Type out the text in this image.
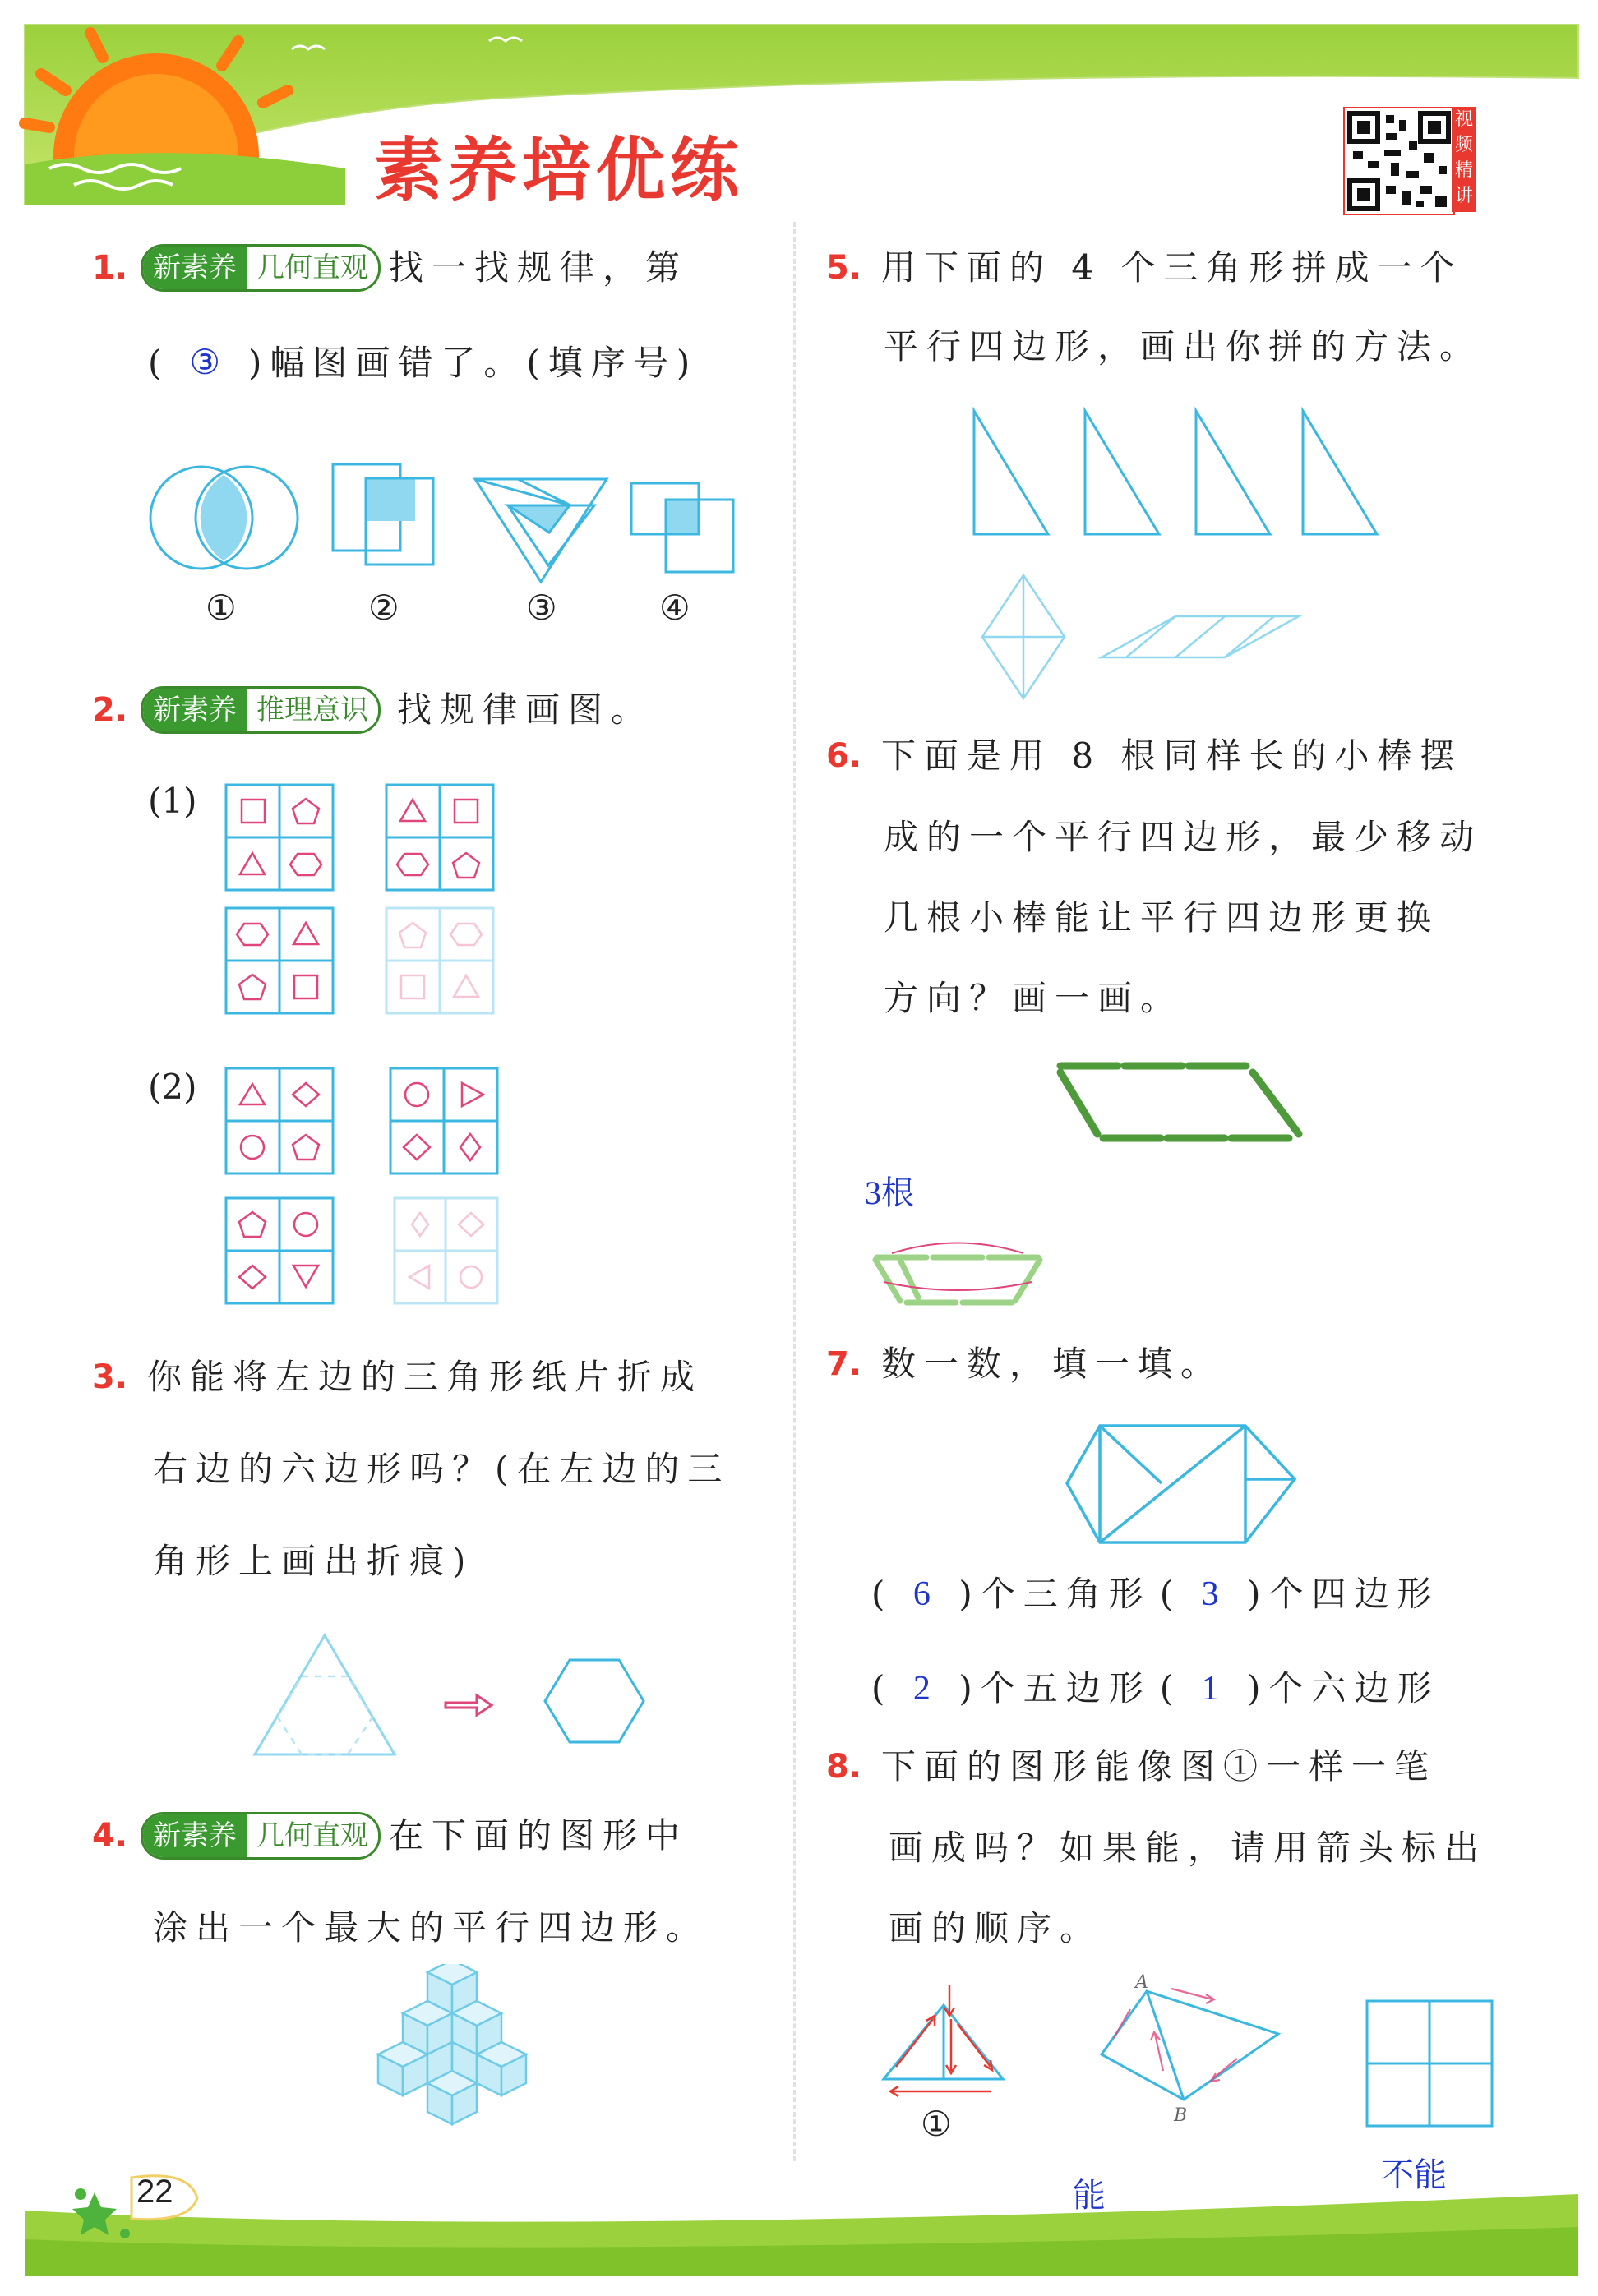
素养培优练
视频精讲
1. 新素养 几何直观 找一找规律，第
( ③ )幅图画错了。(填序号)
①	②	③	④
2. 新素养 推理意识 找规律画图。
(1)
(2)
3. 你能将左边的三角形纸片折成
右边的六边形吗？(在左边的三
角形上画出折痕)
4. 新素养 几何直观 在下面的图形中
涂出一个最大的平行四边形。
5. 用下面的 4 个三角形拼成一个
平行四边形，画出你拼的方法。
6. 下面是用 8 根同样长的小棒摆
成的一个平行四边形，最少移动
几根小棒能让平行四边形更换
方向？画一画。
3根
7. 数一数，填一填。
( 6 )个三角形 ( 3 )个四边形
( 2 )个五边形 ( 1 )个六边形
8. 下面的图形能像图①一样一笔
画成吗？如果能，请用箭头标出
画的顺序。
①
A
B
能
不能
22
